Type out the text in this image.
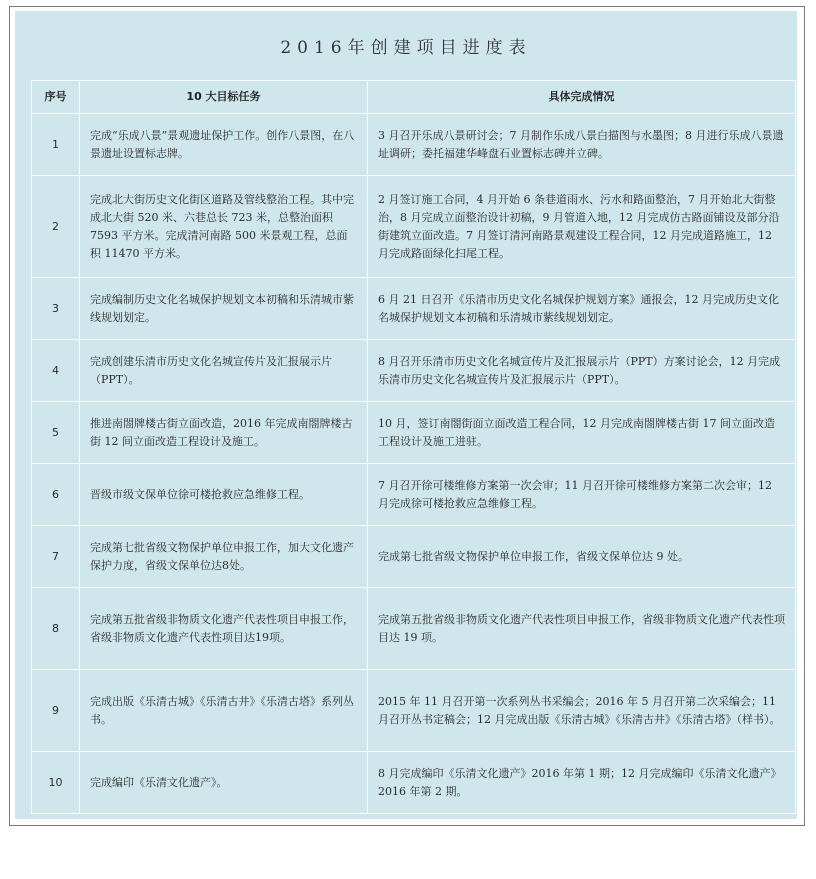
2016年创建项目进度表
序号	10 大目标任务	具体完成情况
1	完成“乐成八景”景观遗址保护工作。创作八景图，在八景遗址设置标志牌。	3 月召开乐成八景研讨会；7 月制作乐成八景白描图与水墨图；8 月进行乐成八景遗址调研；委托福建华峰盘石业置标志碑并立碑。
2	完成北大街历史文化街区道路及管线整治工程。其中完成北大街 520 米、六巷总长 723 米，总整治面积 7593 平方米。完成清河南路 500 米景观工程，总面积 11470 平方米。	2 月签订施工合同，4 月开始 6 条巷道雨水、污水和路面整治，7 月开始北大街整治，8 月完成立面整治设计初稿，9 月管道入地，12 月完成仿古路面铺设及部分沿街建筑立面改造。7 月签订清河南路景观建设工程合同，12 月完成道路施工，12 月完成路面绿化扫尾工程。
3	完成编制历史文化名城保护规划文本初稿和乐清城市紫线规划划定。	6 月 21 日召开《乐清市历史文化名城保护规划方案》通报会，12 月完成历史文化名城保护规划文本初稿和乐清城市紫线规划划定。
4	完成创建乐清市历史文化名城宣传片及汇报展示片（PPT）。	8 月召开乐清市历史文化名城宣传片及汇报展示片（PPT）方案讨论会，12 月完成乐清市历史文化名城宣传片及汇报展示片（PPT）。
5	推进南閤牌楼古街立面改造，2016 年完成南閤牌楼古街 12 间立面改造工程设计及施工。	10 月，签订南閤街面立面改造工程合同，12 月完成南閤牌楼古街 17 间立面改造工程设计及施工进驻。
6	晋级市级文保单位徐可楼抢救应急维修工程。	7 月召开徐可楼维修方案第一次会审；11 月召开徐可楼维修方案第二次会审；12 月完成徐可楼抢救应急维修工程。
7	完成第七批省级文物保护单位申报工作，加大文化遗产保护力度，省级文保单位达8处。	完成第七批省级文物保护单位申报工作，省级文保单位达 9 处。
8	完成第五批省级非物质文化遗产代表性项目申报工作，省级非物质文化遗产代表性项目达19项。	完成第五批省级非物质文化遗产代表性项目申报工作，省级非物质文化遗产代表性项目达 19 项。
9	完成出版《乐清古城》《乐清古井》《乐清古塔》系列丛书。	2015 年 11 月召开第一次系列丛书采编会；2016 年 5 月召开第二次采编会；11 月召开丛书定稿会；12 月完成出版《乐清古城》《乐清古井》《乐清古塔》（样书）。
10	完成编印《乐清文化遗产》。	8 月完成编印《乐清文化遗产》2016 年第 1 期；12 月完成编印《乐清文化遗产》2016 年第 2 期。
